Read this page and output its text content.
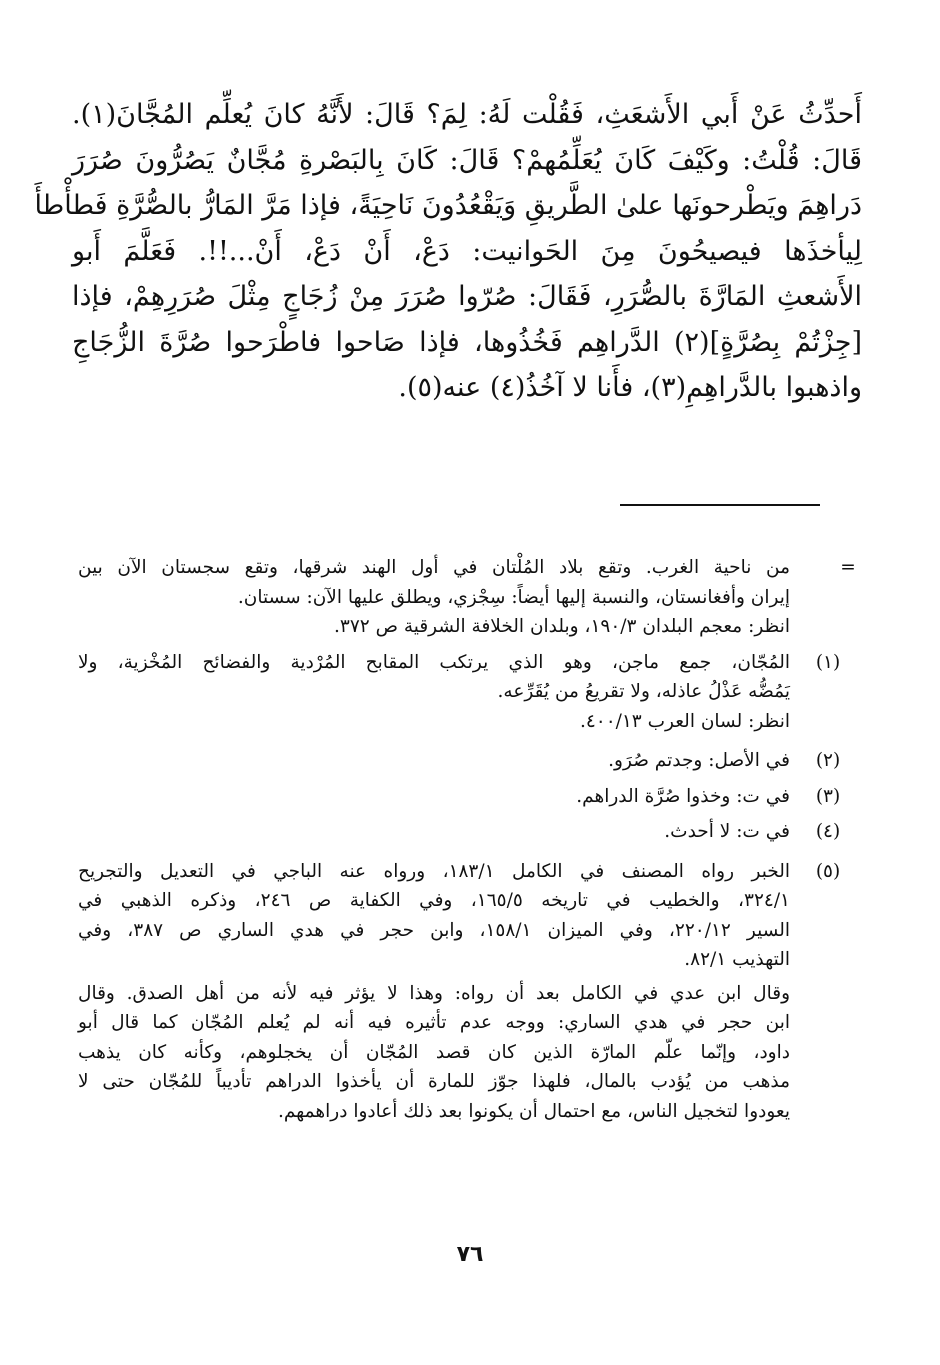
أَحدِّثُ عَنْ أَبي الأَشعَثِ، فَقُلْت لَهُ: لِمَ؟ قَالَ: لأَنَّهُ كانَ يُعلِّم المُجَّانَ(١).
قَالَ: قُلْتُ: وكَيْفَ كَانَ يُعَلِّمُهمْ؟ قَالَ: كَانَ بِالبَصْرةِ مُجَّانٌ يَصُرُّونَ صُرَرَ
دَراهِمَ ويَطْرحونَها علىٰ الطَّريقِ وَيَقْعُدُونَ نَاحِيَةً، فإذا مَرَّ المَارُّ بالصُّرَّةِ فَطأْطأَ
لِيأخذَها فيصيحُونَ مِنَ الحَوانيت: دَعْ، أَنْ دَعْ، أَنْ...!!. فَعَلَّمَ أَبو
الأَشعثِ المَارَّةَ بالصُّرَرِ، فَقَالَ: صُرّوا صُرَرَ مِنْ زُجَاجٍ مِثْلَ صُرَرِهِمْ، فإذا
[جِزْتُمْ بِصُرَّةٍ](٢) الدَّراهِم فَخُذُوها، فإذا صَاحوا فاطْرَحوا صُرَّةَ الزُّجَاجِ
واذهبوا بالدَّراهِمِ(٣)، فأَنا لا آخُذُ(٤) عنه(٥).
=
من ناحية الغرب. وتقع بلاد المُلْتان في أول الهند شرقها، وتقع سجستان الآن بين
إيران وأفغانستان، والنسبة إليها أيضاً: سِجْزي، ويطلق عليها الآن: سستان.
انظر: معجم البلدان ١٩٠/٣، وبلدان الخلافة الشرقية ص ٣٧٢.
(١)
المُجّان، جمع ماجن، وهو الذي يرتكب المقابح المُرْدية والفضائح المُخْزية، ولا
يَمُضُّه عَذْلُ عاذله، ولا تقريعُ من يُقَرِّعه.
انظر: لسان العرب ٤٠٠/١٣.
(٢)
في الأصل: وجدتم صُرَو.
(٣)
في ت: وخذوا صُرَّة الدراهم.
(٤)
في ت: لا أحدث.
(٥)
الخبر رواه المصنف في الكامل ١٨٣/١، ورواه عنه الباجي في التعديل والتجريح
٣٢٤/١، والخطيب في تاريخه ١٦٥/٥، وفي الكفاية ص ٢٤٦، وذكره الذهبي في
السير ٢٢٠/١٢، وفي الميزان ١٥٨/١، وابن حجر في هدي الساري ص ٣٨٧، وفي
التهذيب ٨٢/١.
وقال ابن عدي في الكامل بعد أن رواه: وهذا لا يؤثر فيه لأنه من أهل الصدق. وقال
ابن حجر في هدي الساري: ووجه عدم تأثيره فيه أنه لم يُعلم المُجّان كما قال أبو
داود، وإنّما علّم المارّة الذين كان قصد المُجّان أن يخجلوهم، وكأنه كان يذهب
مذهب من يُؤدب بالمال، فلهذا جوّز للمارة أن يأخذوا الدراهم تأديباً للمُجّان حتى لا
يعودوا لتخجيل الناس، مع احتمال أن يكونوا بعد ذلك أعادوا دراهمهم.
٧٦
